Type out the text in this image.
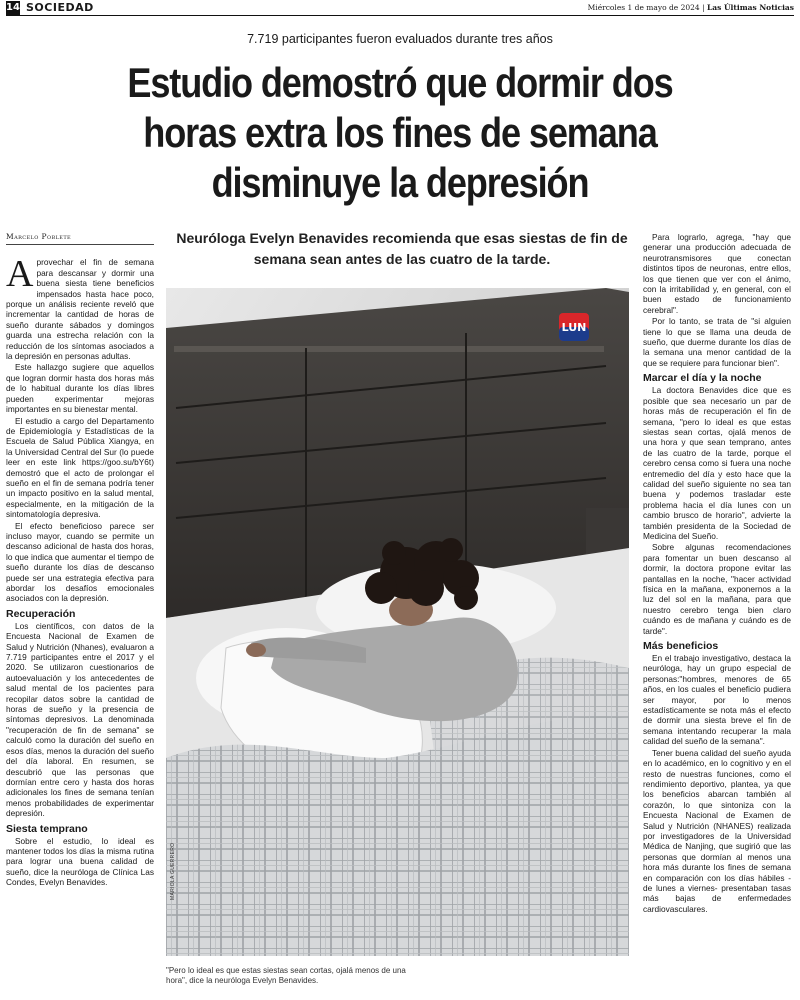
14 SOCIEDAD	Miércoles 1 de mayo de 2024 | Las Últimas Noticias
7.719 participantes fueron evaluados durante tres años
Estudio demostró que dormir dos horas extra los fines de semana disminuye la depresión
Marcelo Poblete

Aprovechar el fin de semana para descansar y dormir una buena siesta tiene beneficios impensados hasta hace poco, porque un análisis reciente reveló que incrementar la cantidad de horas de sueño durante sábados y domingos guarda una estrecha relación con la reducción de los síntomas asociados a la depresión en personas adultas.

Este hallazgo sugiere que aquellos que logran dormir hasta dos horas más de lo habitual durante los días libres pueden experimentar mejoras importantes en su bienestar mental.

El estudio a cargo del Departamento de Epidemiología y Estadísticas de la Escuela de Salud Pública Xiangya, en la Universidad Central del Sur (lo puede leer en este link https://goo.su/bY6t) demostró que el acto de prolongar el sueño en el fin de semana podría tener un impacto positivo en la salud mental, especialmente, en la mitigación de la sintomatología depresiva.

El efecto beneficioso parece ser incluso mayor, cuando se permite un descanso adicional de hasta dos horas, lo que indica que aumentar el tiempo de sueño durante los días de descanso puede ser una estrategia efectiva para abordar los desafíos emocionales asociados con la depresión.

Recuperación

Los científicos, con datos de la Encuesta Nacional de Examen de Salud y Nutrición (Nhanes), evaluaron a 7.719 participantes entre el 2017 y el 2020. Se utilizaron cuestionarios de autoevaluación y los antecedentes de salud mental de los pacientes para recopilar datos sobre la cantidad de horas de sueño y la presencia de síntomas depresivos. La denominada "recuperación de fin de semana" se calculó como la duración del sueño en esos días, menos la duración del sueño del día laboral. En resumen, se descubrió que las personas que dormían entre cero y hasta dos horas adicionales los fines de semana tenían menos probabilidades de experimentar depresión.

Siesta temprano

Sobre el estudio, lo ideal es mantener todos los días la misma rutina para lograr una buena calidad de sueño, dice la neuróloga de Clínica Las Condes, Evelyn Benavides.

Neuróloga Evelyn Benavides recomienda que esas siestas de fin de semana sean antes de las cuatro de la tarde.
LUN
MARIOLA GUERRERO
"Pero lo ideal es que estas siestas sean cortas, ojalá menos de una hora", dice la neuróloga Evelyn Benavides.

Para lograrlo, agrega, "hay que generar una producción adecuada de neurotransmisores que conectan distintos tipos de neuronas, entre ellos, los que tienen que ver con el ánimo, con la irritabilidad y, en general, con el buen estado de funcionamiento cerebral".

Por lo tanto, se trata de "si alguien tiene lo que se llama una deuda de sueño, que duerme durante los días de la semana una menor cantidad de la que se requiere para funcionar bien".

Marcar el día y la noche

La doctora Benavides dice que es posible que sea necesario un par de horas más de recuperación el fin de semana, "pero lo ideal es que estas siestas sean cortas, ojalá menos de una hora y que sean temprano, antes de las cuatro de la tarde, porque el cerebro censa como si fuera una noche entremedio del día y esto hace que la calidad del sueño siguiente no sea tan buena y podemos trasladar este problema hacia el día lunes con un cambio brusco de horario", advierte la también presidenta de la Sociedad de Medicina del Sueño.

Sobre algunas recomendaciones para fomentar un buen descanso al dormir, la doctora propone evitar las pantallas en la noche, "hacer actividad física en la mañana, exponernos a la luz del sol en la mañana, para que nuestro cerebro tenga bien claro cuándo es de mañana y cuándo es de tarde".

Más beneficios

En el trabajo investigativo, destaca la neuróloga, hay un grupo especial de personas:"hombres, menores de 65 años, en los cuales el beneficio pudiera ser mayor, por lo menos estadísticamente se nota más el efecto de dormir una siesta breve el fin de semana intentando recuperar la mala calidad del sueño de la semana".

Tener buena calidad del sueño ayuda en lo académico, en lo cognitivo y en el resto de nuestras funciones, como el rendimiento deportivo, plantea, ya que los beneficios abarcan también al corazón, lo que sintoniza con la Encuesta Nacional de Examen de Salud y Nutrición (NHANES) realizada por investigadores de la Universidad Médica de Nanjing, que sugirió que las personas que dormían al menos una hora más durante los fines de semana en comparación con los días hábiles -de lunes a viernes- presentaban tasas más bajas de enfermedades cardiovasculares.
